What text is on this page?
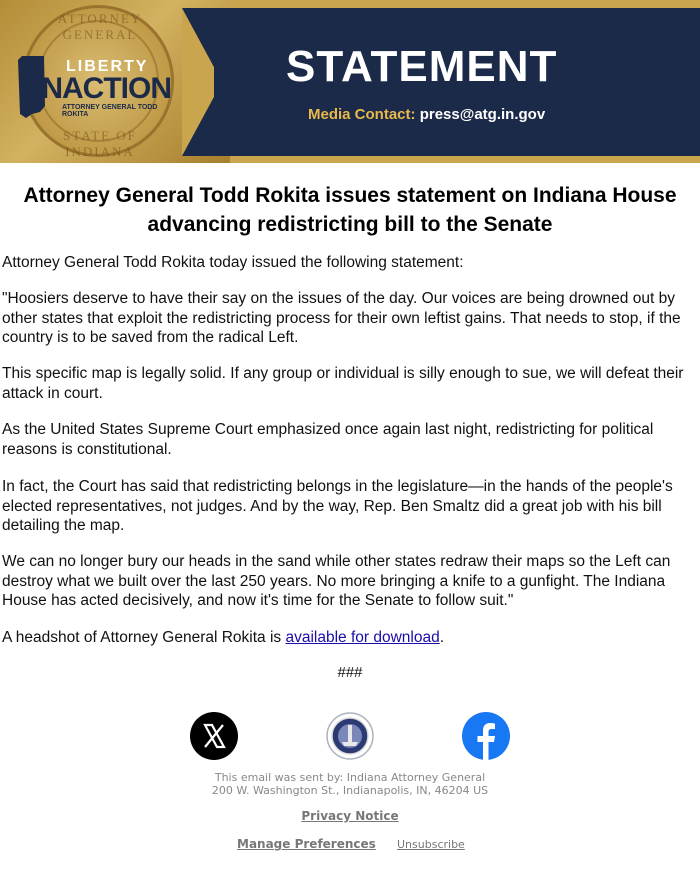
ATTORNEY GENERAL
STATE OF INDIANA
LIBERTY
INACTION
ATTORNEY GENERAL TODD ROKITA
STATEMENT
Media Contact: press@atg.in.gov
Attorney General Todd Rokita issues statement on Indiana House advancing redistricting bill to the Senate
Attorney General Todd Rokita today issued the following statement:
"Hoosiers deserve to have their say on the issues of the day. Our voices are being drowned out by other states that exploit the redistricting process for their own leftist gains. That needs to stop, if the country is to be saved from the radical Left.
This specific map is legally solid. If any group or individual is silly enough to sue, we will defeat their attack in court.
As the United States Supreme Court emphasized once again last night, redistricting for political reasons is constitutional.
In fact, the Court has said that redistricting belongs in the legislature—in the hands of the people's elected representatives, not judges. And by the way, Rep. Ben Smaltz did a great job with his bill detailing the map.
We can no longer bury our heads in the sand while other states redraw their maps so the Left can destroy what we built over the last 250 years. No more bringing a knife to a gunfight. The Indiana House has acted decisively, and now it's time for the Senate to follow suit."
A headshot of Attorney General Rokita is available for download.
###
This email was sent by: Indiana Attorney General
200 W. Washington St., Indianapolis, IN, 46204 US
Privacy Notice
Manage Preferences Unsubscribe
